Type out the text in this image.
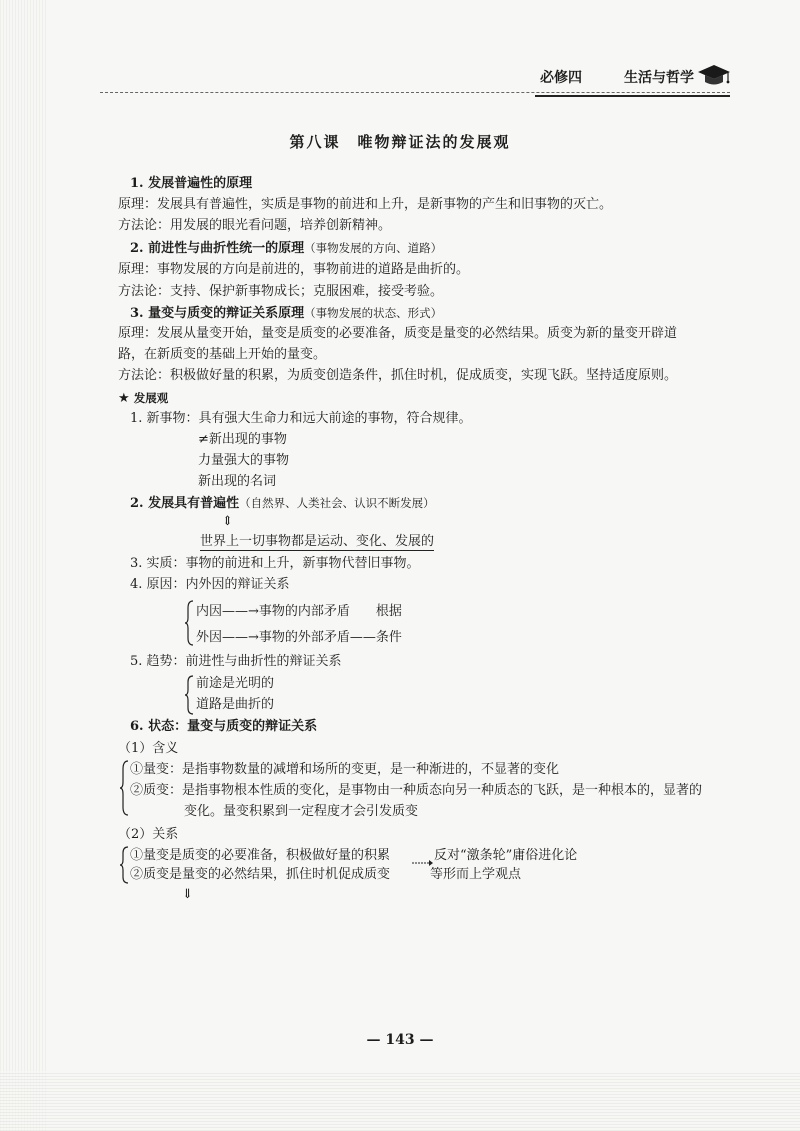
必修四	生活与哲学
第八课　唯物辩证法的发展观
1. 发展普遍性的原理
原理：发展具有普遍性，实质是事物的前进和上升，是新事物的产生和旧事物的灭亡。
方法论：用发展的眼光看问题，培养创新精神。
2. 前进性与曲折性统一的原理（事物发展的方向、道路）
原理：事物发展的方向是前进的，事物前进的道路是曲折的。
方法论：支持、保护新事物成长；克服困难，接受考验。
3. 量变与质变的辩证关系原理（事物发展的状态、形式）
原理：发展从量变开始，量变是质变的必要准备，质变是量变的必然结果。质变为新的量变开辟道
路，在新质变的基础上开始的量变。
方法论：积极做好量的积累，为质变创造条件，抓住时机，促成质变，实现飞跃。坚持适度原则。
★ 发展观
1. 新事物：具有强大生命力和远大前途的事物，符合规律。
≠新出现的事物
力量强大的事物
新出现的名词
2. 发展具有普遍性（自然界、人类社会、认识不断发展）
⇕
世界上一切事物都是运动、变化、发展的
3. 实质：事物的前进和上升，新事物代替旧事物。
4. 原因：内外因的辩证关系
内因——→事物的内部矛盾　　根据
外因——→事物的外部矛盾——条件
5. 趋势：前进性与曲折性的辩证关系
前途是光明的
道路是曲折的
6. 状态：量变与质变的辩证关系
（1）含义
①量变：是指事物数量的减增和场所的变更，是一种渐进的，不显著的变化
②质变：是指事物根本性质的变化，是事物由一种质态向另一种质态的飞跃，是一种根本的，显著的
变化。量变积累到一定程度才会引发质变
（2）关系
①量变是质变的必要准备，积极做好量的积累
②质变是量变的必然结果，抓住时机促成质变
反对“激条轮”庸俗进化论
等形而上学观点
⇓
— 143 —
